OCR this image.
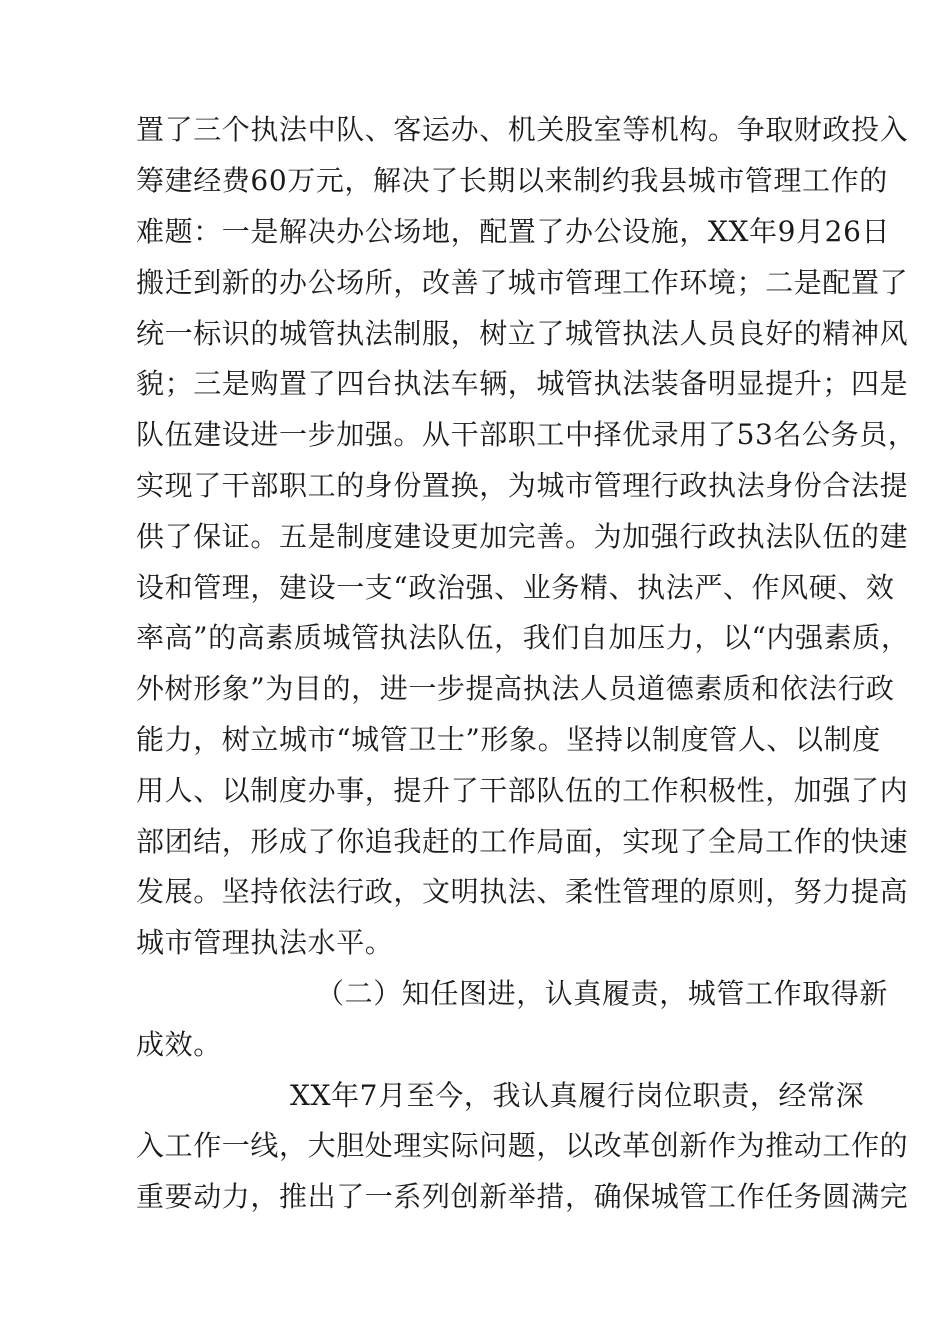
置了三个执法中队、客运办、机关股室等机构。争取财政投入
筹建经费60万元，解决了长期以来制约我县城市管理工作的
难题：一是解决办公场地，配置了办公设施，XX年9月26日
搬迁到新的办公场所，改善了城市管理工作环境；二是配置了
统一标识的城管执法制服，树立了城管执法人员良好的精神风
貌；三是购置了四台执法车辆，城管执法装备明显提升；四是
队伍建设进一步加强。从干部职工中择优录用了53名公务员，
实现了干部职工的身份置换，为城市管理行政执法身份合法提
供了保证。五是制度建设更加完善。为加强行政执法队伍的建
设和管理，建设一支“政治强、业务精、执法严、作风硬、效
率高”的高素质城管执法队伍，我们自加压力，以“内强素质，
外树形象”为目的，进一步提高执法人员道德素质和依法行政
能力，树立城市“城管卫士”形象。坚持以制度管人、以制度
用人、以制度办事，提升了干部队伍的工作积极性，加强了内
部团结，形成了你追我赶的工作局面，实现了全局工作的快速
发展。坚持依法行政，文明执法、柔性管理的原则，努力提高
城市管理执法水平。
（二）知任图进，认真履责，城管工作取得新
成效。
XX年7月至今，我认真履行岗位职责，经常深
入工作一线，大胆处理实际问题，以改革创新作为推动工作的
重要动力，推出了一系列创新举措，确保城管工作任务圆满完
